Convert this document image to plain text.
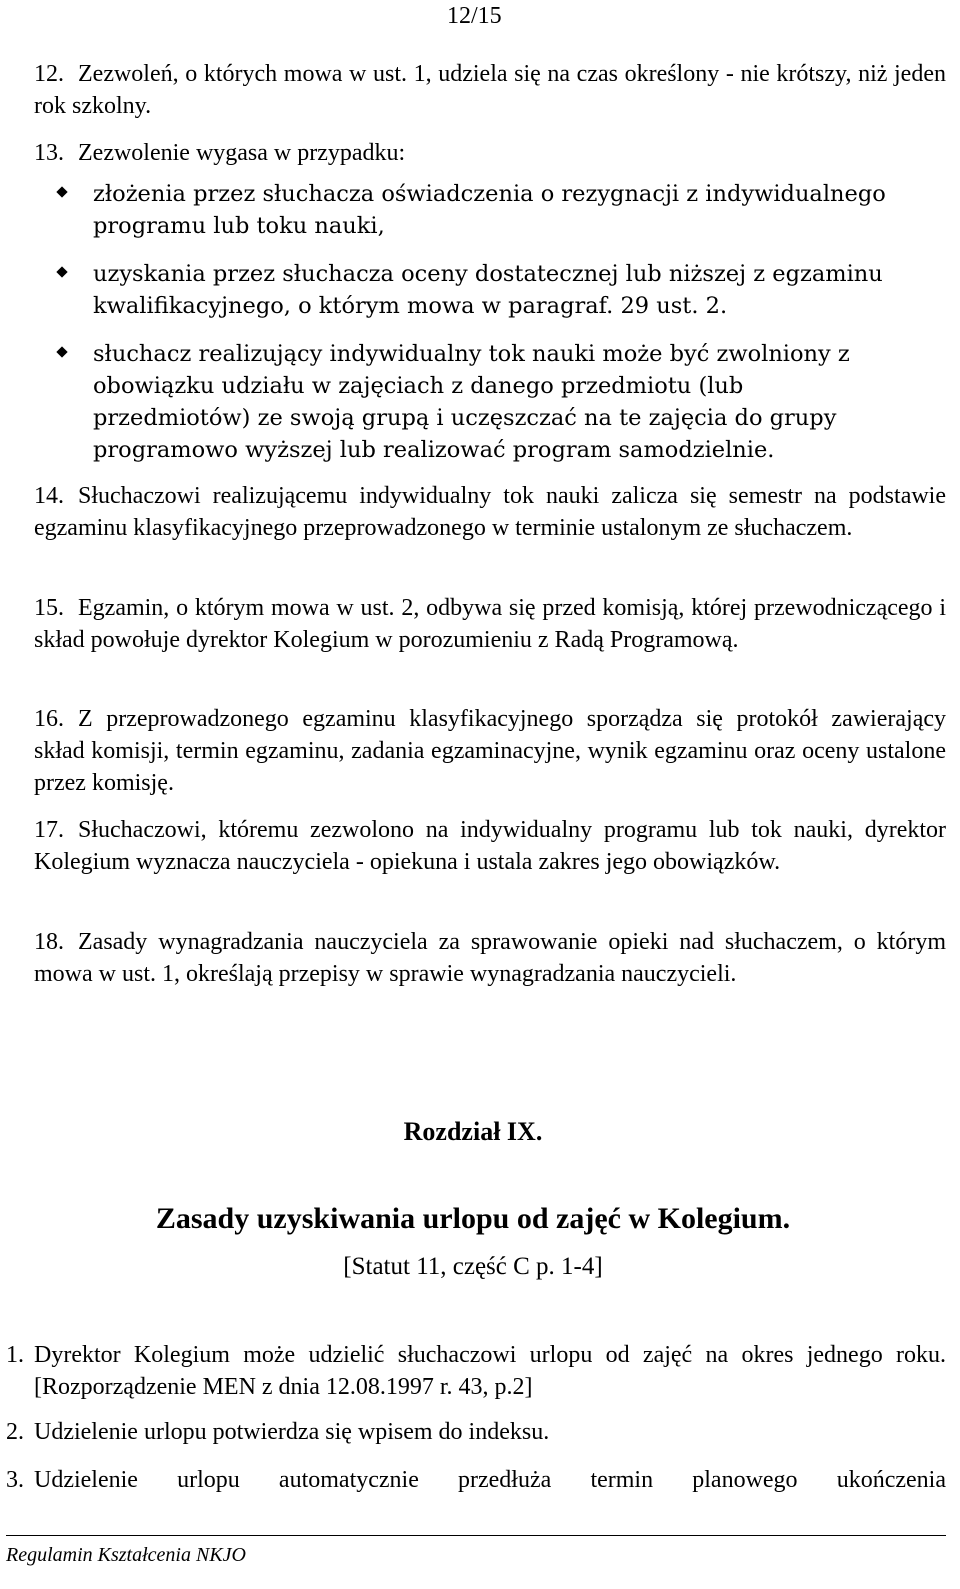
12/15
12. Zezwoleń, o których mowa w ust. 1, udziela się na czas określony - nie krótszy, niż jeden rok szkolny.
13. Zezwolenie wygasa w przypadku:
złożenia przez słuchacza oświadczenia o rezygnacji z indywidualnego programu lub toku nauki,
uzyskania przez słuchacza oceny dostatecznej lub niższej z egzaminu kwalifikacyjnego, o którym mowa w paragraf. 29 ust. 2.
słuchacz realizujący indywidualny tok nauki może być zwolniony z obowiązku udziału w zajęciach z danego przedmiotu (lub przedmiotów) ze swoją grupą i uczęszczać na te zajęcia do grupy programowo wyższej lub realizować program samodzielnie.
14. Słuchaczowi realizującemu indywidualny tok nauki zalicza się semestr na podstawie egzaminu klasyfikacyjnego przeprowadzonego w terminie ustalonym ze słuchaczem.
15. Egzamin, o którym mowa w ust. 2, odbywa się przed komisją, której przewodniczącego i skład powołuje dyrektor Kolegium w porozumieniu z Radą Programową.
16. Z przeprowadzonego egzaminu klasyfikacyjnego sporządza się protokół zawierający skład komisji, termin egzaminu, zadania egzaminacyjne, wynik egzaminu oraz oceny ustalone przez komisję.
17. Słuchaczowi, któremu zezwolono na indywidualny programu lub tok nauki, dyrektor Kolegium wyznacza nauczyciela - opiekuna i ustala zakres jego obowiązków.
18. Zasady wynagradzania nauczyciela za sprawowanie opieki nad słuchaczem, o którym mowa w ust. 1, określają przepisy w sprawie wynagradzania nauczycieli.
Rozdział IX.
Zasady uzyskiwania urlopu od zajęć w Kolegium.
[Statut 11, część C p. 1-4]
1. Dyrektor Kolegium może udzielić słuchaczowi urlopu od zajęć na okres jednego roku. [Rozporządzenie MEN z dnia 12.08.1997 r. 43, p.2]
2. Udzielenie urlopu potwierdza się wpisem do indeksu.
3. Udzielenie urlopu automatycznie przedłuża termin planowego ukończenia
Regulamin Kształcenia NKJO
